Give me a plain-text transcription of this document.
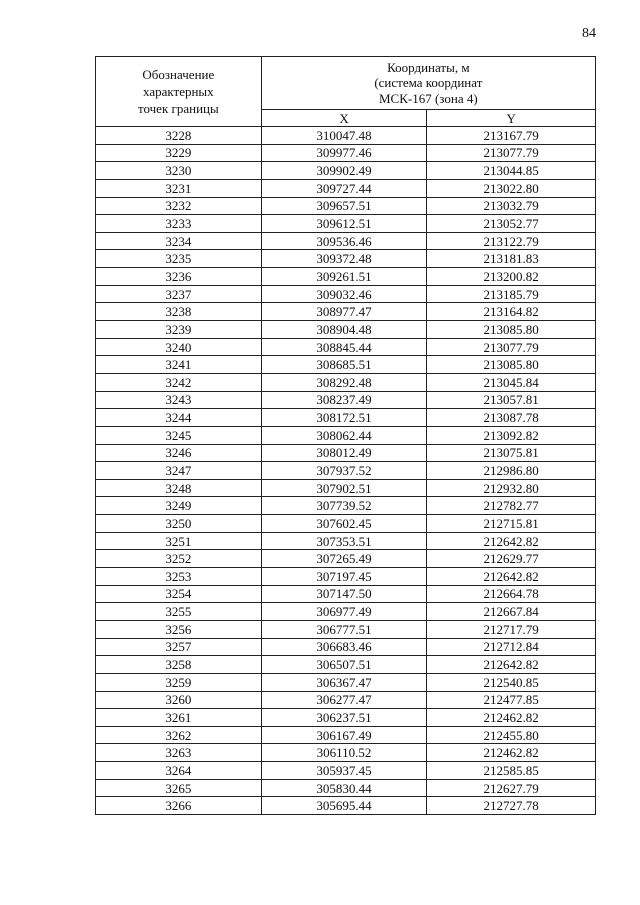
84
Обозначение
характерных
точек границы	Координаты, м
(система координат
МСК-167 (зона 4)	

	X	Y
3228	310047.48	213167.79
3229	309977.46	213077.79
3230	309902.49	213044.85
3231	309727.44	213022.80
3232	309657.51	213032.79
3233	309612.51	213052.77
3234	309536.46	213122.79
3235	309372.48	213181.83
3236	309261.51	213200.82
3237	309032.46	213185.79
3238	308977.47	213164.82
3239	308904.48	213085.80
3240	308845.44	213077.79
3241	308685.51	213085.80
3242	308292.48	213045.84
3243	308237.49	213057.81
3244	308172.51	213087.78
3245	308062.44	213092.82
3246	308012.49	213075.81
3247	307937.52	212986.80
3248	307902.51	212932.80
3249	307739.52	212782.77
3250	307602.45	212715.81
3251	307353.51	212642.82
3252	307265.49	212629.77
3253	307197.45	212642.82
3254	307147.50	212664.78
3255	306977.49	212667.84
3256	306777.51	212717.79
3257	306683.46	212712.84
3258	306507.51	212642.82
3259	306367.47	212540.85
3260	306277.47	212477.85
3261	306237.51	212462.82
3262	306167.49	212455.80
3263	306110.52	212462.82
3264	305937.45	212585.85
3265	305830.44	212627.79
3266	305695.44	212727.78
